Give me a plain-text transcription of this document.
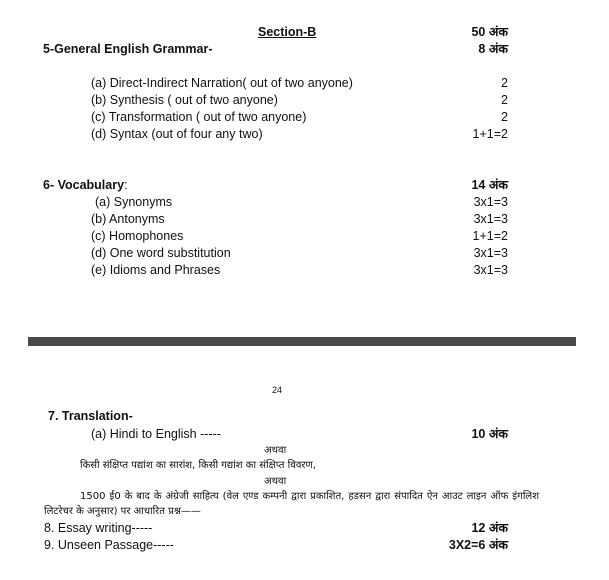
Section-B	50 अंक
5-General English Grammar-	8 अंक
(a) Direct-Indirect Narration( out of two anyone)	2
(b) Synthesis ( out of two anyone)	2
(c) Transformation ( out of two anyone)	2
(d) Syntax (out of four any two)	1+1=2
6- Vocabulary:	14 अंक
(a) Synonyms	3x1=3
(b) Antonyms	3x1=3
(c) Homophones	1+1=2
(d) One word substitution	3x1=3
(e) Idioms and Phrases	3x1=3
24
7. Translation-
(a) Hindi to English -----	10 अंक
अथवा
किसी संक्षिप्त पद्यांश का सारांश, किसी गद्यांश का संक्षिप्त विवरण,
अथवा
1500 ई0 के बाद के अंग्रेजी साहित्य (वेल एण्ड कम्पनी द्वारा प्रकाशित, हडसन द्वारा संपादित ऐन आउट लाइन ऑफ इंगलिश लिटरेचर के अनुसार) पर आधारित प्रश्न——
8. Essay writing-----	12 अंक
9. Unseen Passage-----	3X2=6 अंक
